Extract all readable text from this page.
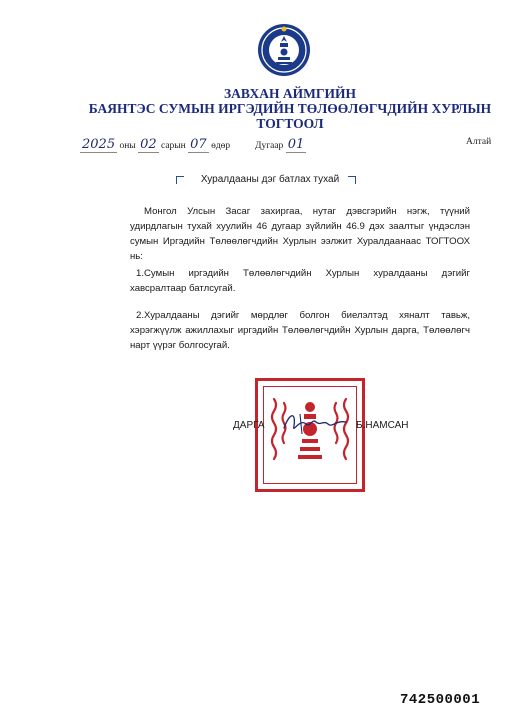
ЗАВХАН АЙМГИЙН
БАЯНТЭС СУМЫН ИРГЭДИЙН ТӨЛӨӨЛӨГЧДИЙН ХУРЛЫН
ТОГТООЛ
2025 оны 02 сарын 07 өдөр	Дугаар 01	Алтай
Хуралдааны дэг батлах тухай
Монгол Улсын Засаг захиргаа, нутаг дэвсгэрийн нэгж, түүний удирдлагын тухай хуулийн 46 дугаар зүйлийн 46.9 дэх заалтыг үндэслэн сумын Иргэдийн Төлөөлөгчдийн Хурлын ээлжит Хуралдаанаас ТОГТООХ нь:
1.Сумын иргэдийн Төлөөлөгчдийн Хурлын хуралдааны дэгийг хавсралтаар батлсугай.
2.Хуралдааны дэгийг мөрдлөг болгон биелэлтэд хяналт тавьж, хэрэгжүүлж ажиллахыг иргэдийн Төлөөлөгчдийн Хурлын дарга, Төлөөлөгч нарт үүрэг болгосугай.
ДАРГА	Б.НАМСАН
742500001
